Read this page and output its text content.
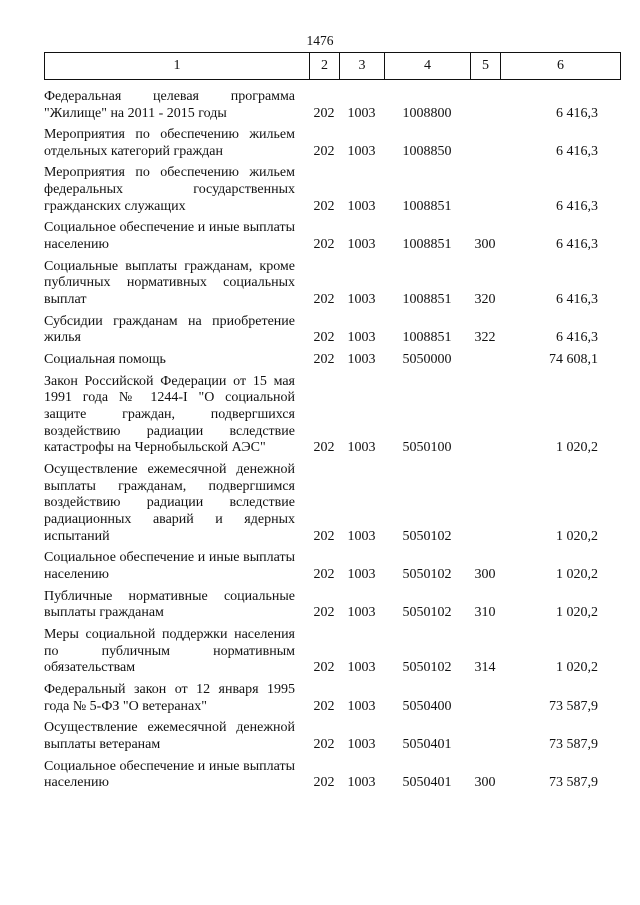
1476
1	2	3	4	5	6
Федеральная целевая программа "Жилище" на 2011 - 2015 годы	202	1003	1008800		6 416,3
Мероприятия по обеспечению жильем отдельных категорий граждан	202	1003	1008850		6 416,3
Мероприятия по обеспечению жильем федеральных государственных гражданских служащих	202	1003	1008851		6 416,3
Социальное обеспечение и иные выплаты населению	202	1003	1008851	300	6 416,3
Социальные выплаты гражданам, кроме публичных нормативных социальных выплат	202	1003	1008851	320	6 416,3
Субсидии гражданам на приобретение жилья	202	1003	1008851	322	6 416,3
Социальная помощь	202	1003	5050000		74 608,1
Закон Российской Федерации от 15 мая 1991 года № 1244-I "О социальной защите граждан, подвергшихся воздействию радиации вследствие катастрофы на Чернобыльской АЭС"	202	1003	5050100		1 020,2
Осуществление ежемесячной денежной выплаты гражданам, подвергшимся воздействию радиации вследствие радиационных аварий и ядерных испытаний	202	1003	5050102		1 020,2
Социальное обеспечение и иные выплаты населению	202	1003	5050102	300	1 020,2
Публичные нормативные социальные выплаты гражданам	202	1003	5050102	310	1 020,2
Меры социальной поддержки населения по публичным нормативным обязательствам	202	1003	5050102	314	1 020,2
Федеральный закон от 12 января 1995 года № 5-ФЗ "О ветеранах"	202	1003	5050400		73 587,9
Осуществление ежемесячной денежной выплаты ветеранам	202	1003	5050401		73 587,9
Социальное обеспечение и иные выплаты населению	202	1003	5050401	300	73 587,9
